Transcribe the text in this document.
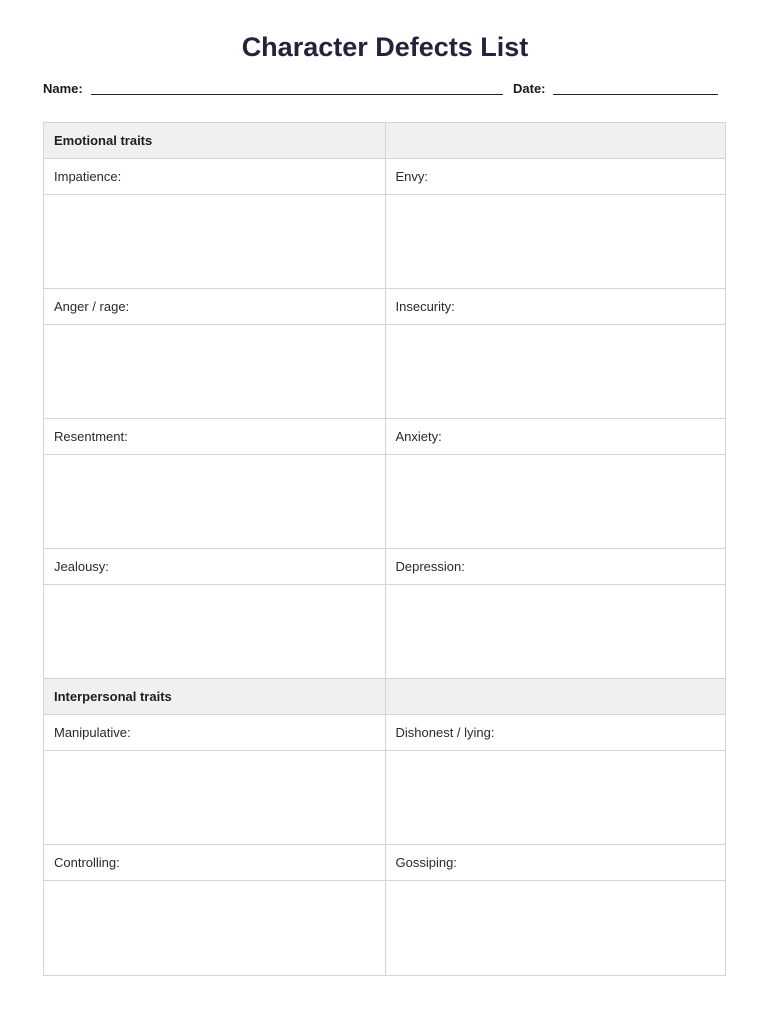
Character Defects List
Name:	Date:
Emotional traits
Impatience:	Envy:
Anger / rage:	Insecurity:
Resentment:	Anxiety:
Jealousy:	Depression:
Interpersonal traits
Manipulative:	Dishonest / lying:
Controlling:	Gossiping:
